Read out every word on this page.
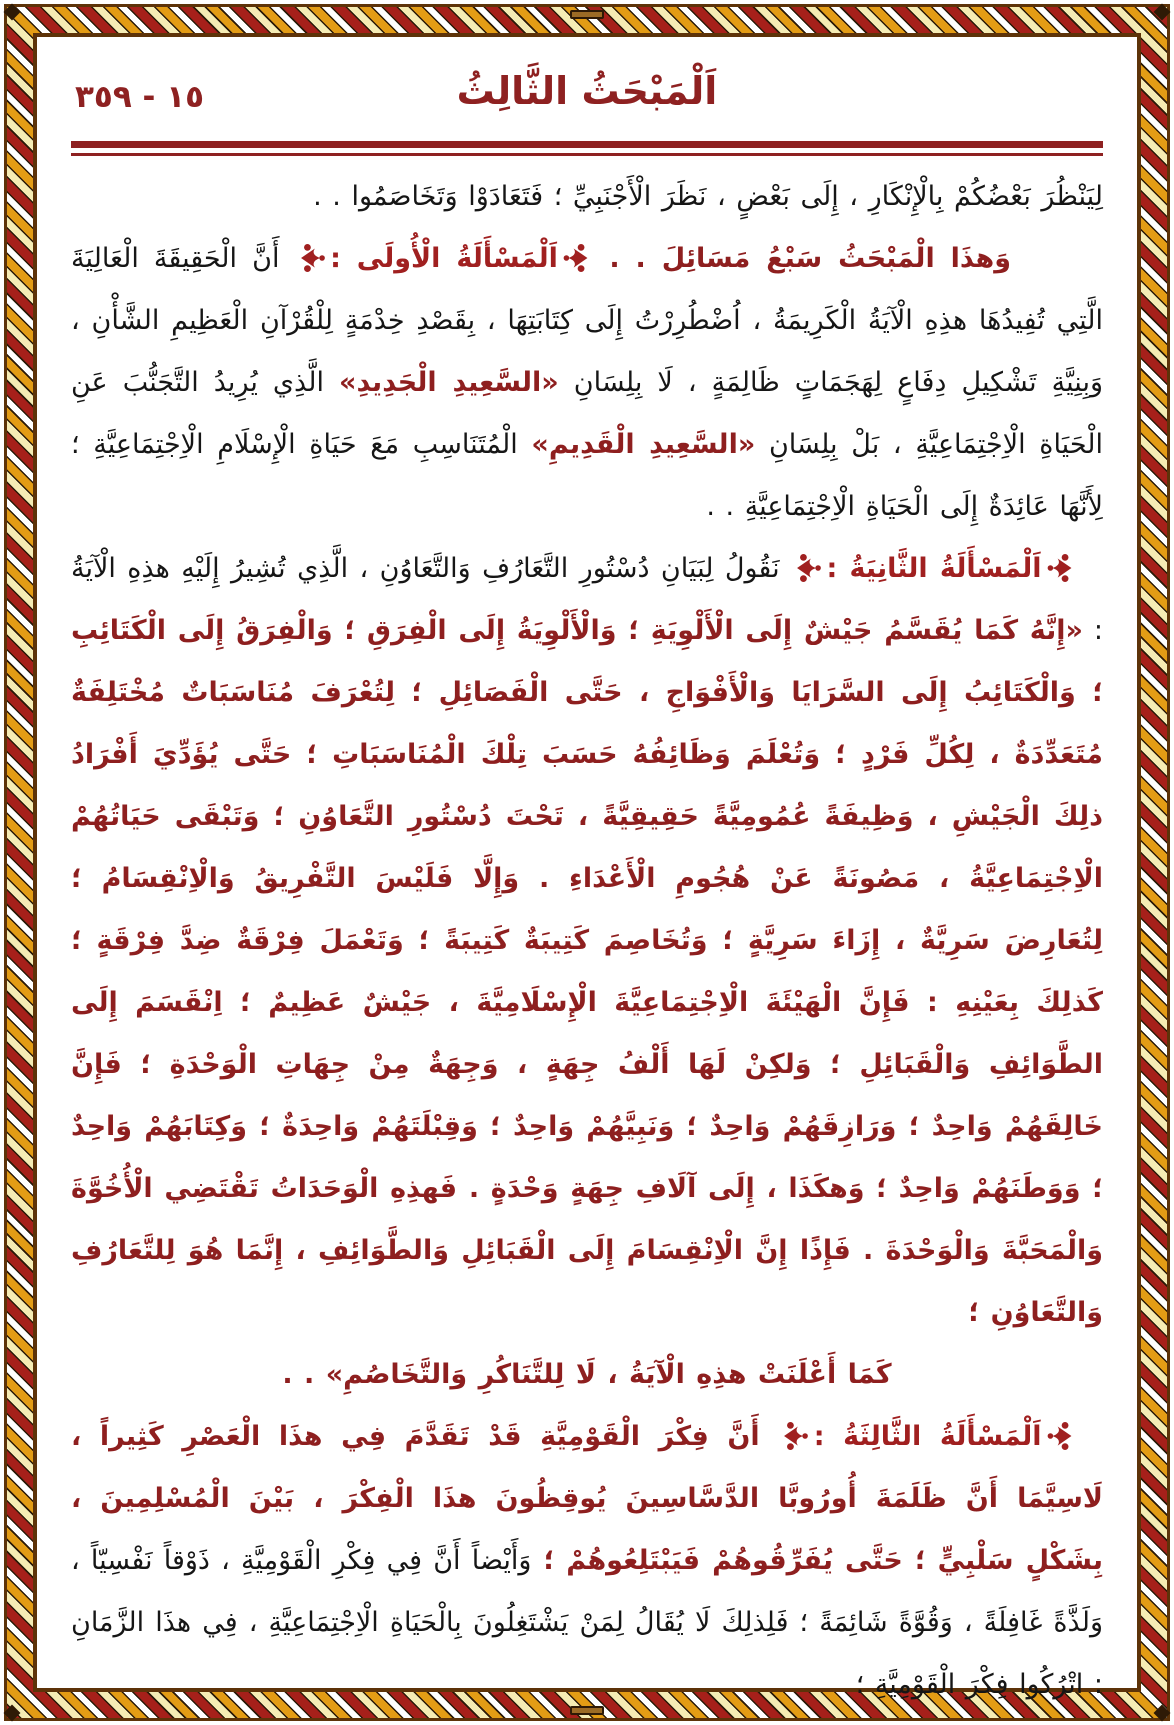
١٥ - ٣٥٩	اَلْمَبْحَثُ الثَّالِثُ

لِيَنْظُرَ بَعْضُكُمْ بِالْإِنْكَارِ ، إِلَى بَعْضٍ ، نَظَرَ الْأَجْنَبِيِّ ؛ فَتَعَادَوْا وَتَخَاصَمُوا . .

وَهذَا الْمَبْحَثُ سَبْعُ مَسَائِلَ . . اَلْمَسْأَلَةُ الْأُولَى : أَنَّ الْحَقِيقَةَ الْعَالِيَةَ الَّتِي تُفِيدُهَا هذِهِ الْآيَةُ الْكَرِيمَةُ ، اُضْطُرِرْتُ إِلَى كِتَابَتِهَا ، بِقَصْدِ خِدْمَةٍ لِلْقُرْآنِ الْعَظِيمِ الشَّأْنِ ، وَبِنِيَّةِ تَشْكِيلِ دِفَاعٍ لِهَجَمَاتٍ ظَالِمَةٍ ، لَا بِلِسَانِ «السَّعِيدِ الْجَدِيدِ» الَّذِي يُرِيدُ التَّجَنُّبَ عَنِ الْحَيَاةِ الْاِجْتِمَاعِيَّةِ ، بَلْ بِلِسَانِ «السَّعِيدِ الْقَدِيمِ» الْمُتَنَاسِبِ مَعَ حَيَاةِ الْإِسْلَامِ الْاِجْتِمَاعِيَّةِ ؛ لِأَنَّهَا عَائِدَةٌ إِلَى الْحَيَاةِ الْاِجْتِمَاعِيَّةِ . .

اَلْمَسْأَلَةُ الثَّانِيَةُ : نَقُولُ لِبَيَانِ دُسْتُورِ التَّعَارُفِ وَالتَّعَاوُنِ ، الَّذِي تُشِيرُ إِلَيْهِ هذِهِ الْآيَةُ : «إِنَّهُ كَمَا يُقَسَّمُ جَيْشٌ إِلَى الْأَلْوِيَةِ ؛ وَالْأَلْوِيَةُ إِلَى الْفِرَقِ ؛ وَالْفِرَقُ إِلَى الْكَتَائِبِ ؛ وَالْكَتَائِبُ إِلَى السَّرَايَا وَالْأَفْوَاجِ ، حَتَّى الْفَصَائِلِ ؛ لِتُعْرَفَ مُنَاسَبَاتٌ مُخْتَلِفَةٌ مُتَعَدِّدَةٌ ، لِكُلِّ فَرْدٍ ؛ وَتُعْلَمَ وَظَائِفُهُ حَسَبَ تِلْكَ الْمُنَاسَبَاتِ ؛ حَتَّى يُؤَدِّيَ أَفْرَادُ ذلِكَ الْجَيْشِ ، وَظِيفَةً عُمُومِيَّةً حَقِيقِيَّةً ، تَحْتَ دُسْتُورِ التَّعَاوُنِ ؛ وَتَبْقَى حَيَاتُهُمْ الْاِجْتِمَاعِيَّةُ ، مَصُونَةً عَنْ هُجُومِ الْأَعْدَاءِ . وَإِلَّا فَلَيْسَ التَّفْرِيقُ وَالْاِنْقِسَامُ ؛ لِتُعَارِضَ سَرِيَّةٌ ، إِزَاءَ سَرِيَّةٍ ؛ وَتُخَاصِمَ كَتِيبَةٌ كَتِيبَةً ؛ وَتَعْمَلَ فِرْقَةٌ ضِدَّ فِرْقَةٍ ؛ كَذلِكَ بِعَيْنِهِ : فَإِنَّ الْهَيْئَةَ الْاِجْتِمَاعِيَّةَ الْإِسْلَامِيَّةَ ، جَيْشٌ عَظِيمٌ ؛ اِنْقَسَمَ إِلَى الطَّوَائِفِ وَالْقَبَائِلِ ؛ وَلكِنْ لَهَا أَلْفُ جِهَةٍ ، وَجِهَةٌ مِنْ جِهَاتِ الْوَحْدَةِ ؛ فَإِنَّ خَالِقَهُمْ وَاحِدٌ ؛ وَرَازِقَهُمْ وَاحِدٌ ؛ وَنَبِيَّهُمْ وَاحِدٌ ؛ وَقِبْلَتَهُمْ وَاحِدَةٌ ؛ وَكِتَابَهُمْ وَاحِدٌ ؛ وَوَطَنَهُمْ وَاحِدٌ ؛ وَهكَذَا ، إِلَى آلَافِ جِهَةٍ وَحْدَةٍ . فَهذِهِ الْوَحَدَاتُ تَقْتَضِي الْأُخُوَّةَ وَالْمَحَبَّةَ وَالْوَحْدَةَ . فَإِذًا إِنَّ الْاِنْقِسَامَ إِلَى الْقَبَائِلِ وَالطَّوَائِفِ ، إِنَّمَا هُوَ لِلتَّعَارُفِ وَالتَّعَاوُنِ ؛

كَمَا أَعْلَنَتْ هذِهِ الْآيَةُ ، لَا لِلتَّنَاكُرِ وَالتَّخَاصُمِ» . .

اَلْمَسْأَلَةُ الثَّالِثَةُ : أَنَّ فِكْرَ الْقَوْمِيَّةِ قَدْ تَقَدَّمَ فِي هذَا الْعَصْرِ كَثِيراً ، لَاسِيَّمَا أَنَّ ظَلَمَةَ أُورُوبَّا الدَّسَّاسِينَ يُوقِظُونَ هذَا الْفِكْرَ ، بَيْنَ الْمُسْلِمِينَ ، بِشَكْلٍ سَلْبِيٍّ ؛ حَتَّى يُفَرِّقُوهُمْ فَيَبْتَلِعُوهُمْ ؛ وَأَيْضاً أَنَّ فِي فِكْرِ الْقَوْمِيَّةِ ، ذَوْقاً نَفْسِيّاً ، وَلَذَّةً غَافِلَةً ، وَقُوَّةً شَائِمَةً ؛ فَلِذلِكَ لَا يُقَالُ لِمَنْ يَشْتَغِلُونَ بِالْحَيَاةِ الْاِجْتِمَاعِيَّةِ ، فِي هذَا الزَّمَانِ : اتْرُكُوا فِكْرَ الْقَوْمِيَّةِ ؛
